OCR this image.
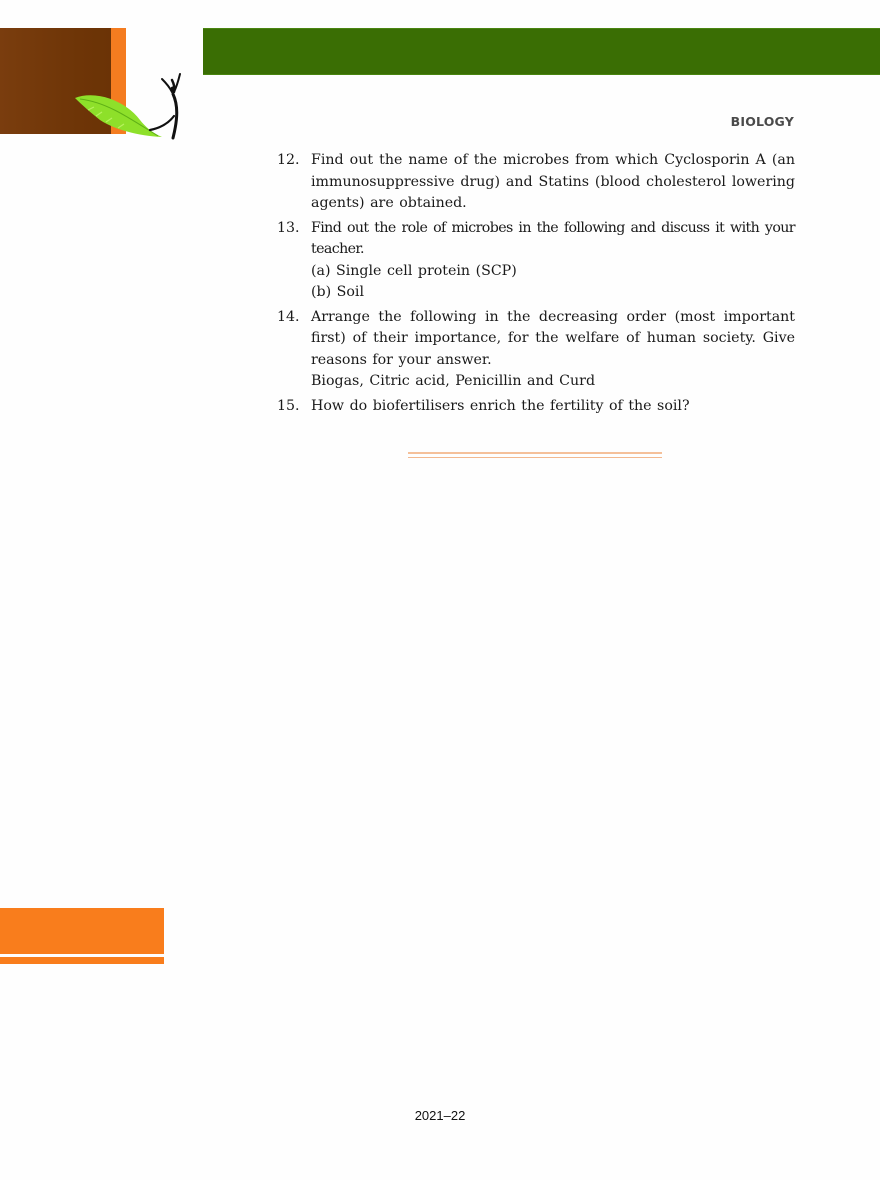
BIOLOGY
12. Find out the name of the microbes from which Cyclosporin A (an immunosuppressive drug) and Statins (blood cholesterol lowering agents) are obtained.

13. Find out the role of microbes in the following and discuss it with your teacher.

(a) Single cell protein (SCP)

(b) Soil

14. Arrange the following in the decreasing order (most important first) of their importance, for the welfare of human society. Give reasons for your answer.

Biogas, Citric acid, Penicillin and Curd

15. How do biofertilisers enrich the fertility of the soil?

2021–22
